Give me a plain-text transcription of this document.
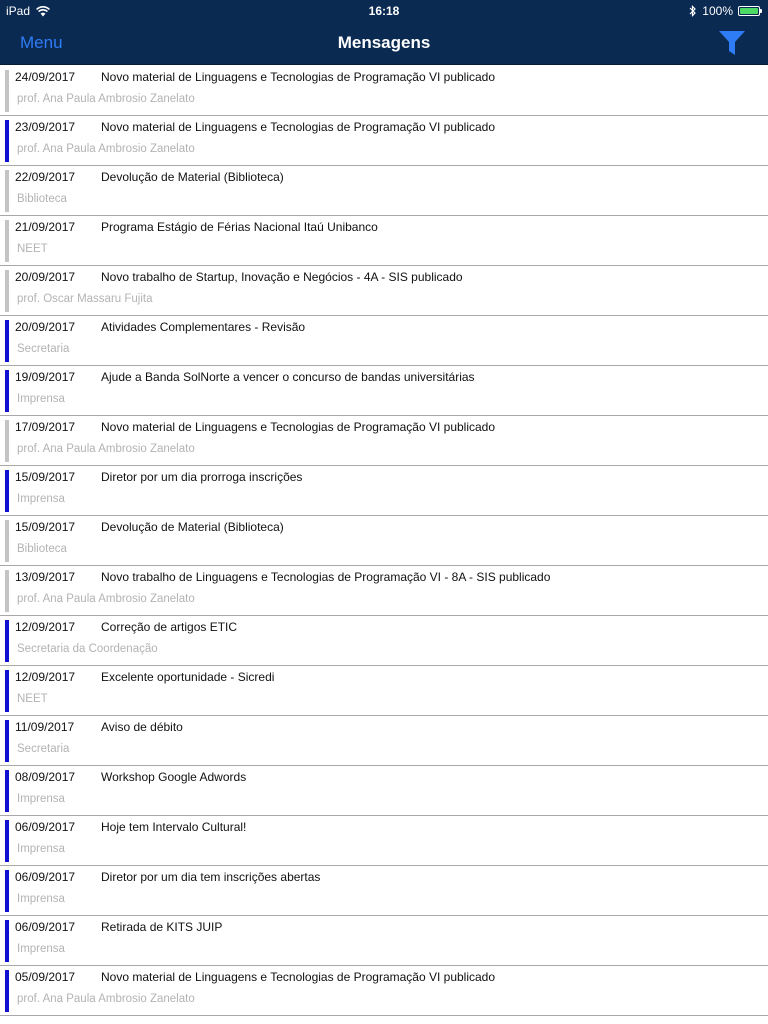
iPad	16:18	100%
Menu	Mensagens
24/09/2017 Novo material de Linguagens e Tecnologias de Programação VI publicado
prof. Ana Paula Ambrosio Zanelato
23/09/2017 Novo material de Linguagens e Tecnologias de Programação VI publicado
prof. Ana Paula Ambrosio Zanelato
22/09/2017 Devolução de Material (Biblioteca)
Biblioteca
21/09/2017 Programa Estágio de Férias Nacional Itaú Unibanco
NEET
20/09/2017 Novo trabalho de Startup, Inovação e Negócios - 4A - SIS publicado
prof. Oscar Massaru Fujita
20/09/2017 Atividades Complementares - Revisão
Secretaria
19/09/2017 Ajude a Banda SolNorte a vencer o concurso de bandas universitárias
Imprensa
17/09/2017 Novo material de Linguagens e Tecnologias de Programação VI publicado
prof. Ana Paula Ambrosio Zanelato
15/09/2017 Diretor por um dia prorroga inscrições
Imprensa
15/09/2017 Devolução de Material (Biblioteca)
Biblioteca
13/09/2017 Novo trabalho de Linguagens e Tecnologias de Programação VI - 8A - SIS publicado
prof. Ana Paula Ambrosio Zanelato
12/09/2017 Correção de artigos ETIC
Secretaria da Coordenação
12/09/2017 Excelente oportunidade - Sicredi
NEET
11/09/2017 Aviso de débito
Secretaria
08/09/2017 Workshop Google Adwords
Imprensa
06/09/2017 Hoje tem Intervalo Cultural!
Imprensa
06/09/2017 Diretor por um dia tem inscrições abertas
Imprensa
06/09/2017 Retirada de KITS JUIP
Imprensa
05/09/2017 Novo material de Linguagens e Tecnologias de Programação VI publicado
prof. Ana Paula Ambrosio Zanelato
